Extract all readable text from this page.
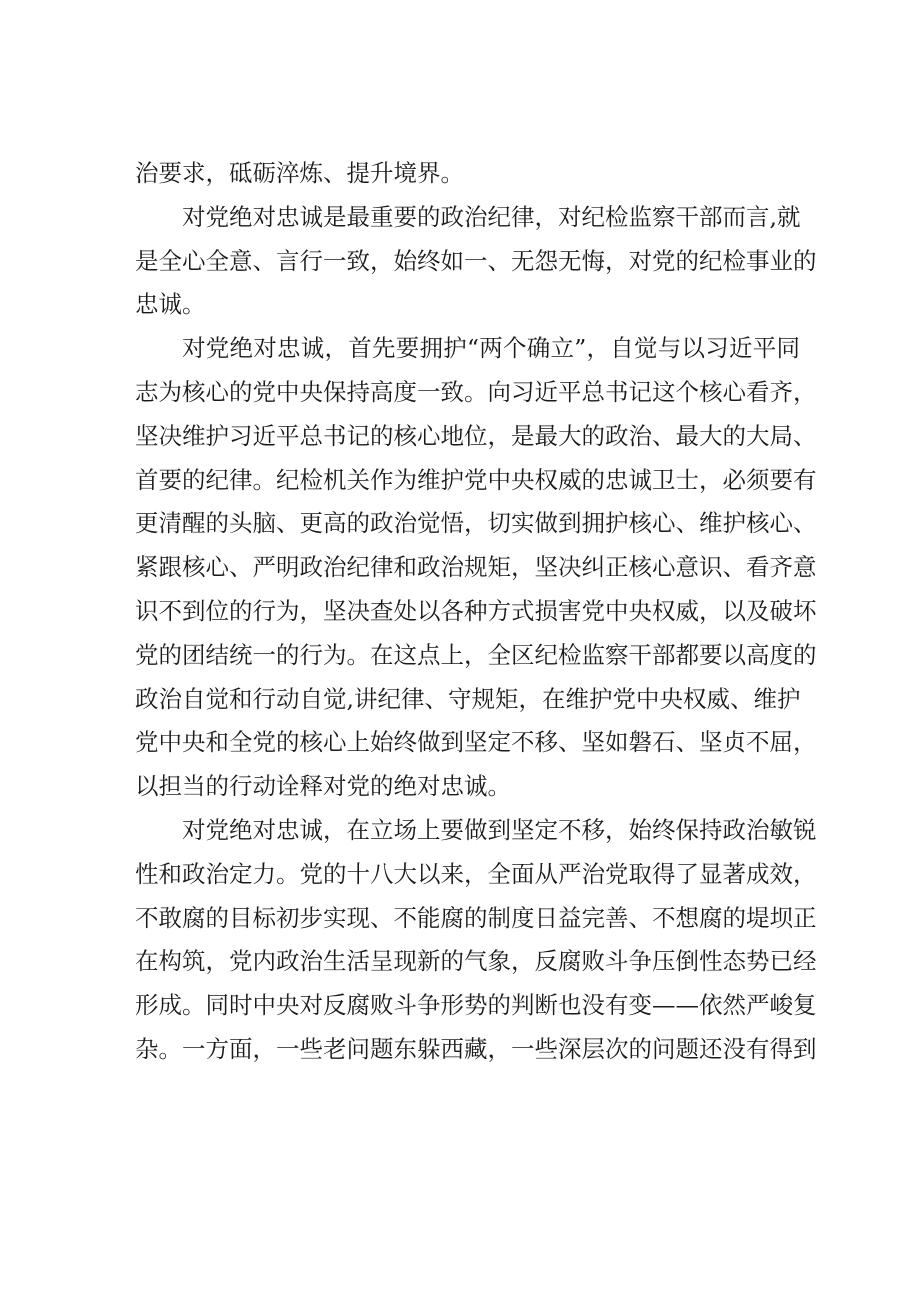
治要求，砥砺淬炼、提升境界。
对党绝对忠诚是最重要的政治纪律，对纪检监察干部而言,就
是全心全意、言行一致，始终如一、无怨无悔，对党的纪检事业的
忠诚。
对党绝对忠诚，首先要拥护“两个确立”，自觉与以习近平同
志为核心的党中央保持高度一致。向习近平总书记这个核心看齐，
坚决维护习近平总书记的核心地位，是最大的政治、最大的大局、
首要的纪律。纪检机关作为维护党中央权威的忠诚卫士，必须要有
更清醒的头脑、更高的政治觉悟，切实做到拥护核心、维护核心、
紧跟核心、严明政治纪律和政治规矩，坚决纠正核心意识、看齐意
识不到位的行为，坚决查处以各种方式损害党中央权威，以及破坏
党的团结统一的行为。在这点上，全区纪检监察干部都要以高度的
政治自觉和行动自觉,讲纪律、守规矩，在维护党中央权威、维护
党中央和全党的核心上始终做到坚定不移、坚如磐石、坚贞不屈，
以担当的行动诠释对党的绝对忠诚。
对党绝对忠诚，在立场上要做到坚定不移，始终保持政治敏锐
性和政治定力。党的十八大以来，全面从严治党取得了显著成效，
不敢腐的目标初步实现、不能腐的制度日益完善、不想腐的堤坝正
在构筑，党内政治生活呈现新的气象，反腐败斗争压倒性态势已经
形成。同时中央对反腐败斗争形势的判断也没有变——依然严峻复
杂。一方面，一些老问题东躲西藏，一些深层次的问题还没有得到
